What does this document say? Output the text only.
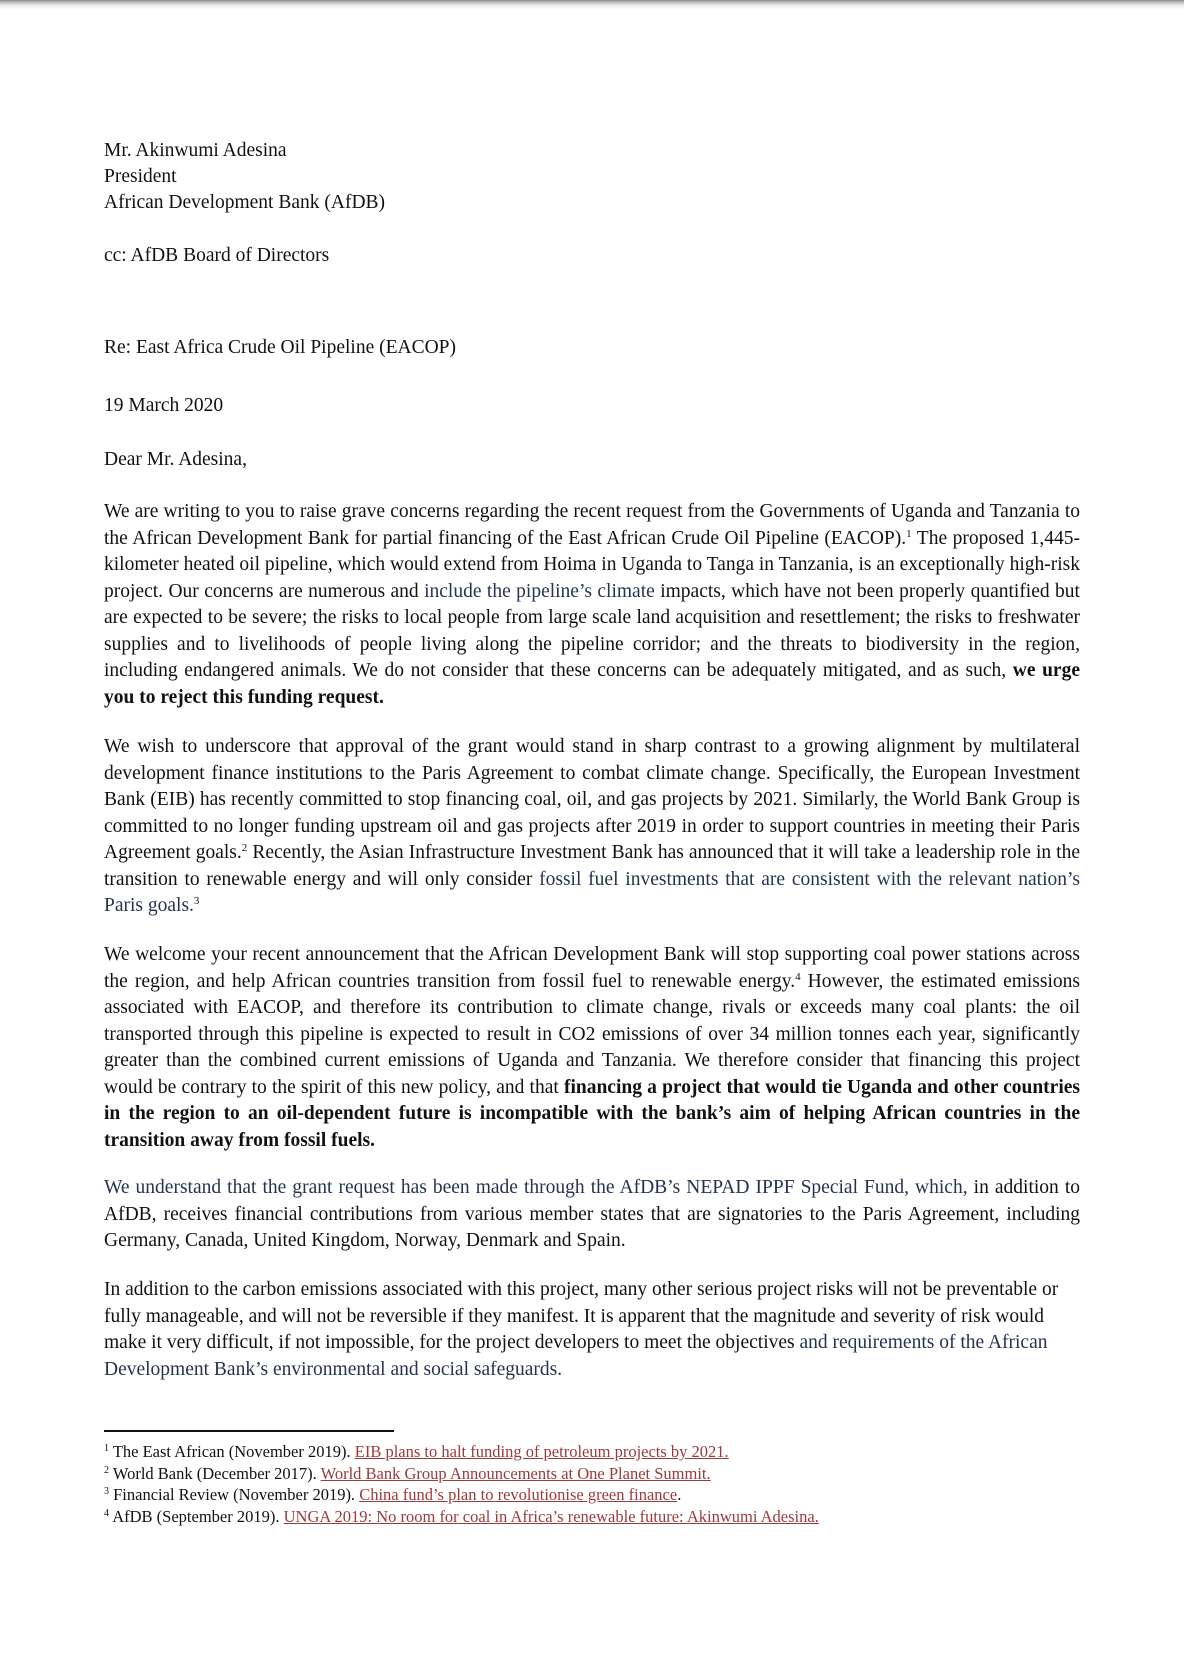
Mr. Akinwumi Adesina
President
African Development Bank (AfDB)
cc: AfDB Board of Directors
Re: East Africa Crude Oil Pipeline (EACOP)
19 March 2020
Dear Mr. Adesina,
We are writing to you to raise grave concerns regarding the recent request from the Governments of Uganda and Tanzania to the African Development Bank for partial financing of the East African Crude Oil Pipeline (EACOP).$^1$ The proposed 1,445-kilometer heated oil pipeline, which would extend from Hoima in Uganda to Tanga in Tanzania, is an exceptionally high-risk project. Our concerns are numerous and include the pipeline’s climate impacts, which have not been properly quantified but are expected to be severe; the risks to local people from large scale land acquisition and resettlement; the risks to freshwater supplies and to livelihoods of people living along the pipeline corridor; and the threats to biodiversity in the region, including endangered animals. We do not consider that these concerns can be adequately mitigated, and as such, we urge you to reject this funding request.
We wish to underscore that approval of the grant would stand in sharp contrast to a growing alignment by multilateral development finance institutions to the Paris Agreement to combat climate change. Specifically, the European Investment Bank (EIB) has recently committed to stop financing coal, oil, and gas projects by 2021. Similarly, the World Bank Group is committed to no longer funding upstream oil and gas projects after 2019 in order to support countries in meeting their Paris Agreement goals.$^2$ Recently, the Asian Infrastructure Investment Bank has announced that it will take a leadership role in the transition to renewable energy and will only consider fossil fuel investments that are consistent with the relevant nation’s Paris goals.$^3$
We welcome your recent announcement that the African Development Bank will stop supporting coal power stations across the region, and help African countries transition from fossil fuel to renewable energy.$^4$ However, the estimated emissions associated with EACOP, and therefore its contribution to climate change, rivals or exceeds many coal plants: the oil transported through this pipeline is expected to result in CO2 emissions of over 34 million tonnes each year, significantly greater than the combined current emissions of Uganda and Tanzania. We therefore consider that financing this project would be contrary to the spirit of this new policy, and that financing a project that would tie Uganda and other countries in the region to an oil-dependent future is incompatible with the bank’s aim of helping African countries in the transition away from fossil fuels.
We understand that the grant request has been made through the AfDB’s NEPAD IPPF Special Fund, which, in addition to AfDB, receives financial contributions from various member states that are signatories to the Paris Agreement, including Germany, Canada, United Kingdom, Norway, Denmark and Spain.
In addition to the carbon emissions associated with this project, many other serious project risks will not be preventable or fully manageable, and will not be reversible if they manifest. It is apparent that the magnitude and severity of risk would make it very difficult, if not impossible, for the project developers to meet the objectives and requirements of the African Development Bank’s environmental and social safeguards.
$^1$ The East African (November 2019). EIB plans to halt funding of petroleum projects by 2021.
$^2$ World Bank (December 2017). World Bank Group Announcements at One Planet Summit.
$^3$ Financial Review (November 2019). China fund’s plan to revolutionise green finance.
$^4$ AfDB (September 2019). UNGA 2019: No room for coal in Africa’s renewable future: Akinwumi Adesina.
